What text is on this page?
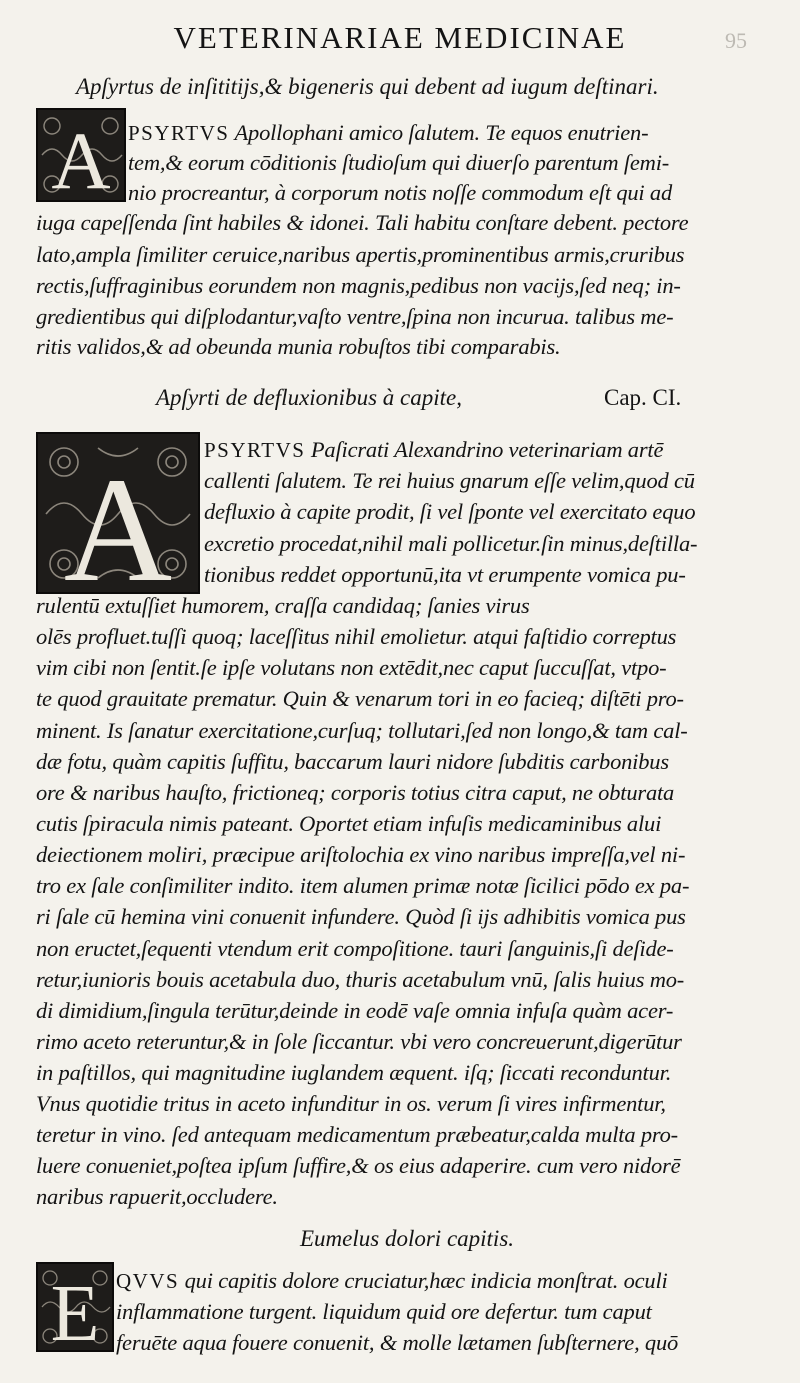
95
VETERINARIAE MEDICINAE
Apſyrtus de inſititijs,& bigeneris qui debent ad iugum deſtinari.
A PSYRTVS Apollophani amico ſalutem. Te equos enutrien-
tem,& eorum cōditionis ſtudioſum qui diuerſo parentum ſemi-
nio procreantur, à corporum notis noſſe commodum eſt qui ad
iuga capeſſenda ſint habiles & idonei. Tali habitu conſtare debent. pectore
lato,ampla ſimiliter ceruice,naribus apertis,prominentibus armis,cruribus
rectis,ſuffraginibus eorundem non magnis,pedibus non vacijs,ſed neq; in-
gredientibus qui diſplodantur,vaſto ventre,ſpina non incurua. talibus me-
ritis validos,& ad obeunda munia robuſtos tibi comparabis.
Apſyrti de defluxionibus à capite,	Cap. CI.
A PSYRTVS Paſicrati Alexandrino veterinariam artē
callenti ſalutem. Te rei huius gnarum eſſe velim,quod cū
defluxio à capite prodit, ſi vel ſponte vel exercitato equo
excretio procedat,nihil mali pollicetur.ſin minus,deſtilla-
tionibus reddet opportunū,ita vt erumpente vomica pu-
rulentū extuſſiet humorem, craſſa candidaq; ſanies virus
olēs profluet.tuſſi quoq; laceſſitus nihil emolietur. atqui faſtidio correptus
vim cibi non ſentit.ſe ipſe volutans non extēdit,nec caput ſuccuſſat, vtpo-
te quod grauitate prematur. Quin & venarum tori in eo facieq; diſtēti pro-
minent. Is ſanatur exercitatione,curſuq; tollutari,ſed non longo,& tam cal-
dæ fotu, quàm capitis ſuffitu, baccarum lauri nidore ſubditis carbonibus
ore & naribus hauſto, frictioneq; corporis totius citra caput, ne obturata
cutis ſpiracula nimis pateant. Oportet etiam infuſis medicaminibus alui
deiectionem moliri, præcipue ariſtolochia ex vino naribus impreſſa,vel ni-
tro ex ſale conſimiliter indito. item alumen primæ notæ ſicilici pōdo ex pa-
ri ſale cū hemina vini conuenit infundere. Quòd ſi ijs adhibitis vomica pus
non eructet,ſequenti vtendum erit compoſitione. tauri ſanguinis,ſi deſide-
retur,iunioris bouis acetabula duo, thuris acetabulum vnū, ſalis huius mo-
di dimidium,ſingula terūtur,deinde in eodē vaſe omnia infuſa quàm acer-
rimo aceto reteruntur,& in ſole ſiccantur. vbi vero concreuerunt,digerūtur
in paſtillos, qui magnitudine iuglandem æquent. iſq; ſiccati reconduntur.
Vnus quotidie tritus in aceto infunditur in os. verum ſi vires infirmentur,
teretur in vino. ſed antequam medicamentum præbeatur,calda multa pro-
luere conueniet,poſtea ipſum ſuffire,& os eius adaperire. cum vero nidorē
naribus rapuerit,occludere.
Eumelus dolori capitis.
E QVVS qui capitis dolore cruciatur,hæc indicia monſtrat. oculi
inflammatione turgent. liquidum quid ore defertur. tum caput
feruēte aqua fouere conuenit, & molle lætamen ſubſternere, quō
